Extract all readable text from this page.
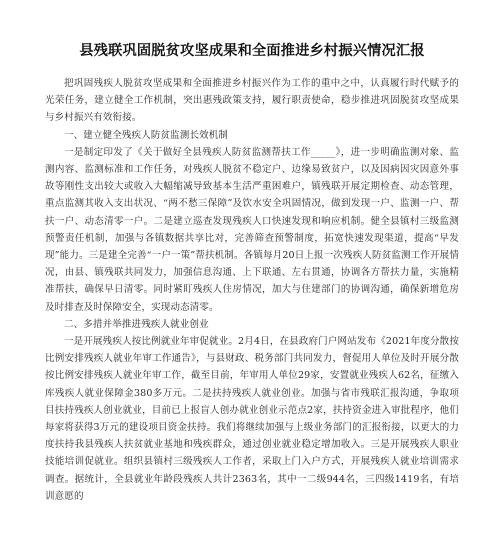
县残联巩固脱贫攻坚成果和全面推进乡村振兴情况汇报

把巩固残疾人脱贫攻坚成果和全面推进乡村振兴作为工作的重中之中，认真履行时代赋予的光荣任务，建立健全工作机制，突出惠残政策支持，履行职责使命，稳步推进巩固脱贫攻坚成果与乡村振兴有效衔接。

一、建立健全残疾人防贫监测长效机制

一是制定印发了《关于做好全县残疾人防贫监测帮扶工作_____》，进一步明确监测对象、监测内容、监测标准和工作任务，对残疾人脱贫不稳定户、边缘易致贫户，以及因病因灾因意外事故等刚性支出较大或收入大幅缩减导致基本生活严重困难户，镇残联开展定期检查、动态管理，重点监测其收入支出状况、“两不愁三保障”及饮水安全巩固情况，做到发现一户、监测一户、帮扶一户、动态清零一户。二是建立巡查发现残疾人口快速发现和响应机制。健全县镇村三级监测预警责任机制，加强与各镇数据共享比对，完善筛查预警制度，拓宽快速发现渠道，提高“早发现”能力。三是建全完善“一户一策”帮扶机制。各镇每月20日上报一次残疾人防贫监测工作开展情况，由县、镇残联共同发力，加强信息沟通、上下联通、左右贯通，协调各方帮扶力量，实施精准帮扶，确保早日清零。同时紧盯残疾人住房情况，加大与住建部门的协调沟通，确保新增危房及时排查及时保障安全，实现动态清零。

二、多措并举推进残疾人就业创业

一是开展残疾人按比例就业年审促就业。2月4日，在县政府门户网站发布《2021年度分散按比例安排残疾人就业年审工作通告》，与县财政、税务部门共同发力，督促用人单位及时开展分散按比例安排残疾人就业年审工作，截至目前，年审用人单位29家，安置就业残疾人62名，征缴入库残疾人就业保障金380多万元。二是扶持残疾人就业创业。加强与省市残联汇报沟通，争取项目扶持残疾人创业就业，目前已上报盲人创办就业创业示范点2家，扶持资金进入审批程序，他们每家将获得3万元的建设项目资金扶持。我们将继续加强与上级业务部门的汇报衔接，以更大的力度扶持我县残疾人扶贫就业基地和残疾群众，通过创业就业稳定增加收入。三是开展残疾人职业技能培训促就业。组织县镇村三级残疾人工作者，采取上门入户方式，开展残疾人就业培训需求调查。据统计，全县就业年龄段残疾人共计2363名，其中一二级944名，三四级1419名，有培训意愿的
